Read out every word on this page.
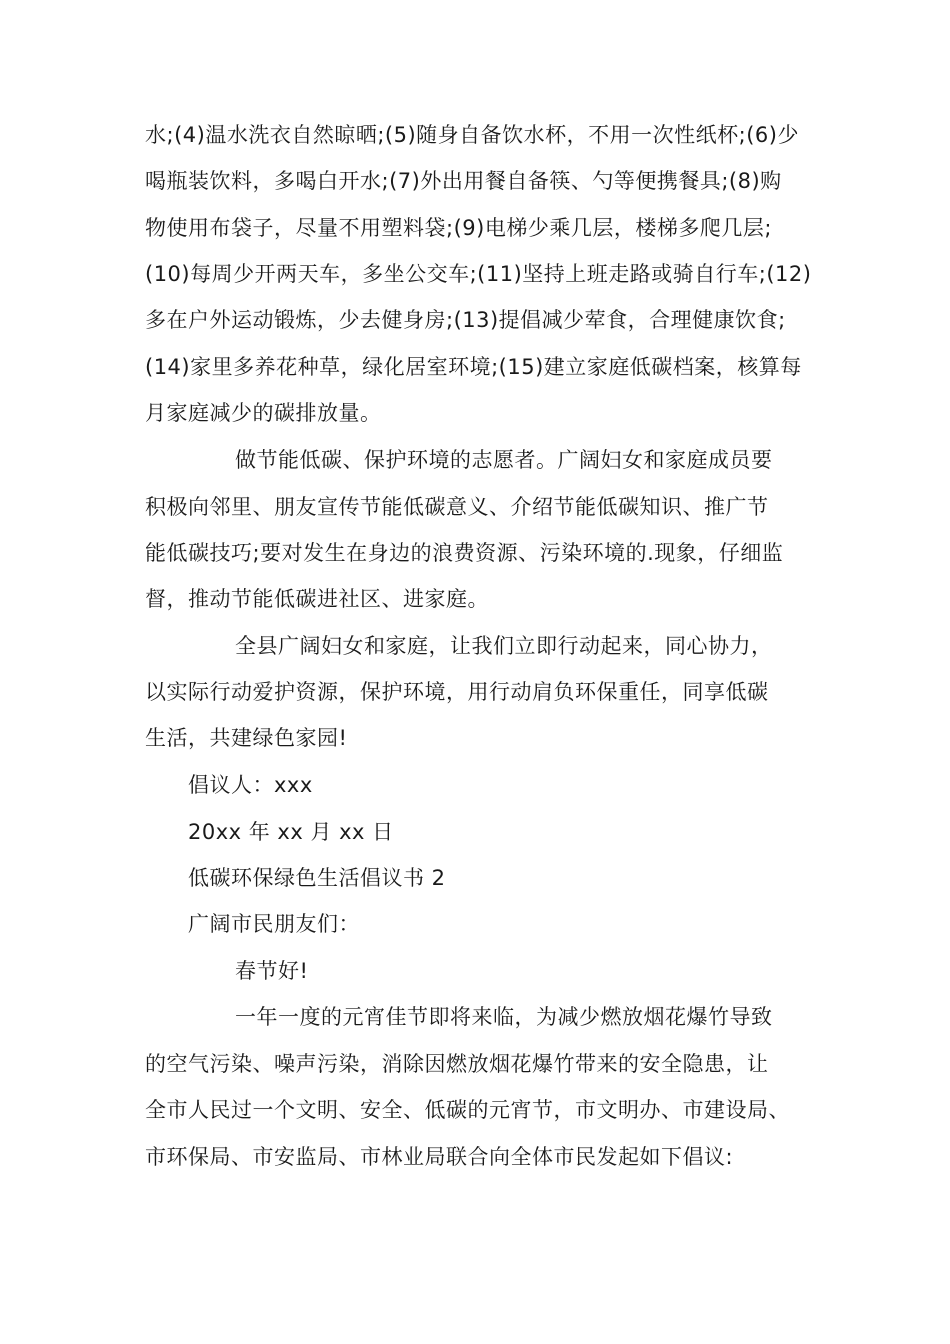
水;(4)温水洗衣自然晾晒;(5)随身自备饮水杯，不用一次性纸杯;(6)少
喝瓶装饮料，多喝白开水;(7)外出用餐自备筷、勺等便携餐具;(8)购
物使用布袋子，尽量不用塑料袋;(9)电梯少乘几层，楼梯多爬几层;
(10)每周少开两天车，多坐公交车;(11)坚持上班走路或骑自行车;(12)
多在户外运动锻炼，少去健身房;(13)提倡减少荤食，合理健康饮食;
(14)家里多养花种草，绿化居室环境;(15)建立家庭低碳档案，核算每
月家庭减少的碳排放量。
做节能低碳、保护环境的志愿者。广阔妇女和家庭成员要
积极向邻里、朋友宣传节能低碳意义、介绍节能低碳知识、推广节
能低碳技巧;要对发生在身边的浪费资源、污染环境的.现象，仔细监
督，推动节能低碳进社区、进家庭。
全县广阔妇女和家庭，让我们立即行动起来，同心协力，
以实际行动爱护资源，保护环境，用行动肩负环保重任，同享低碳
生活，共建绿色家园!
倡议人：xxx
20xx 年 xx 月 xx 日
低碳环保绿色生活倡议书 2
广阔市民朋友们：
春节好!
一年一度的元宵佳节即将来临，为减少燃放烟花爆竹导致
的空气污染、噪声污染，消除因燃放烟花爆竹带来的安全隐患，让
全市人民过一个文明、安全、低碳的元宵节，市文明办、市建设局、
市环保局、市安监局、市林业局联合向全体市民发起如下倡议:
